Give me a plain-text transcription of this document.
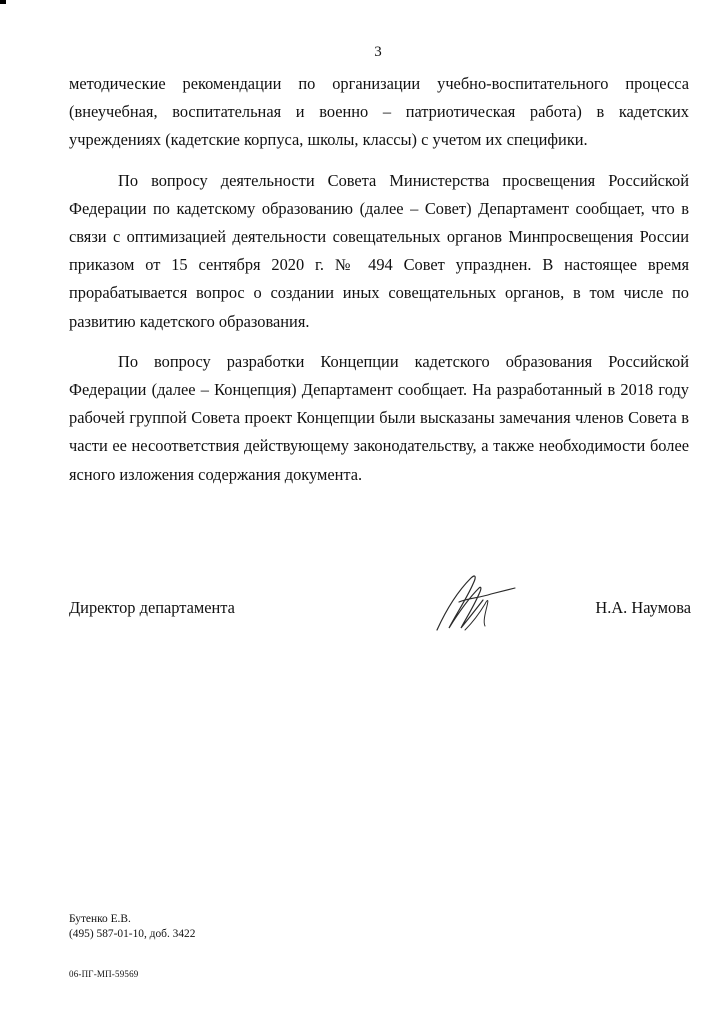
3

методические рекомендации по организации учебно-воспитательного процесса (внеучебная, воспитательная и военно – патриотическая работа) в кадетских учреждениях (кадетские корпуса, школы, классы) с учетом их специфики.

По вопросу деятельности Совета Министерства просвещения Российской Федерации по кадетскому образованию (далее – Совет) Департамент сообщает, что в связи с оптимизацией деятельности совещательных органов Минпросвещения России приказом от 15 сентября 2020 г. № 494 Совет упразднен. В настоящее время прорабатывается вопрос о создании иных совещательных органов, в том числе по развитию кадетского образования.

По вопросу разработки Концепции кадетского образования Российской Федерации (далее – Концепция) Департамент сообщает. На разработанный в 2018 году рабочей группой Совета проект Концепции были высказаны замечания членов Совета в части ее несоответствия действующему законодательству, а также необходимости более ясного изложения содержания документа.

Директор департамента	Н.А. Наумова
Бутенко Е.В.
(495) 587-01-10, доб. 3422
06-ПГ-МП-59569
